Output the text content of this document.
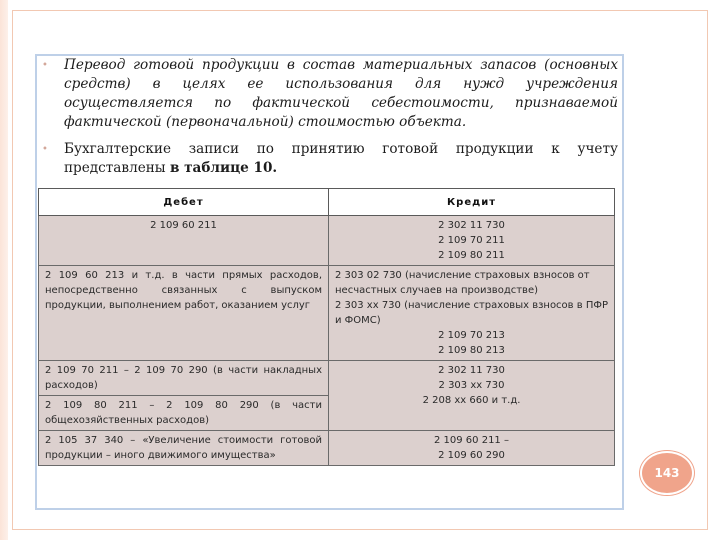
• Перевод готовой продукции в состав материальных запасов (основных средств) в целях ее использования для нужд учреждения осуществляется по фактической себестоимости, признаваемой фактической (первоначальной) стоимостью объекта.
• Бухгалтерские записи по принятию готовой продукции к учету представлены в таблице 10.
Дебет	Кредит

2 109 60 211	2 302 11 730
2 109 70 211
2 109 80 211

2 109 60 213 и т.д. в части прямых расходов, непосредственно связанных с выпуском продукции, выполнением работ, оказанием услуг	2 303 02 730 (начисление страховых взносов от несчастных случаев на производстве)
2 303 хх 730 (начисление страховых взносов в ПФР и ФОМС)
2 109 70 213
2 109 80 213

2 109 70 211 – 2 109 70 290 (в части накладных расходов)
2 109 80 211 – 2 109 80 290 (в части общехозяйственных расходов)	2 302 11 730
2 303 хх 730
2 208 хх 660 и т.д.

2 105 37 340 – «Увеличение стоимости готовой продукции – иного движимого имущества»	2 109 60 211 –
2 109 60 290
143
